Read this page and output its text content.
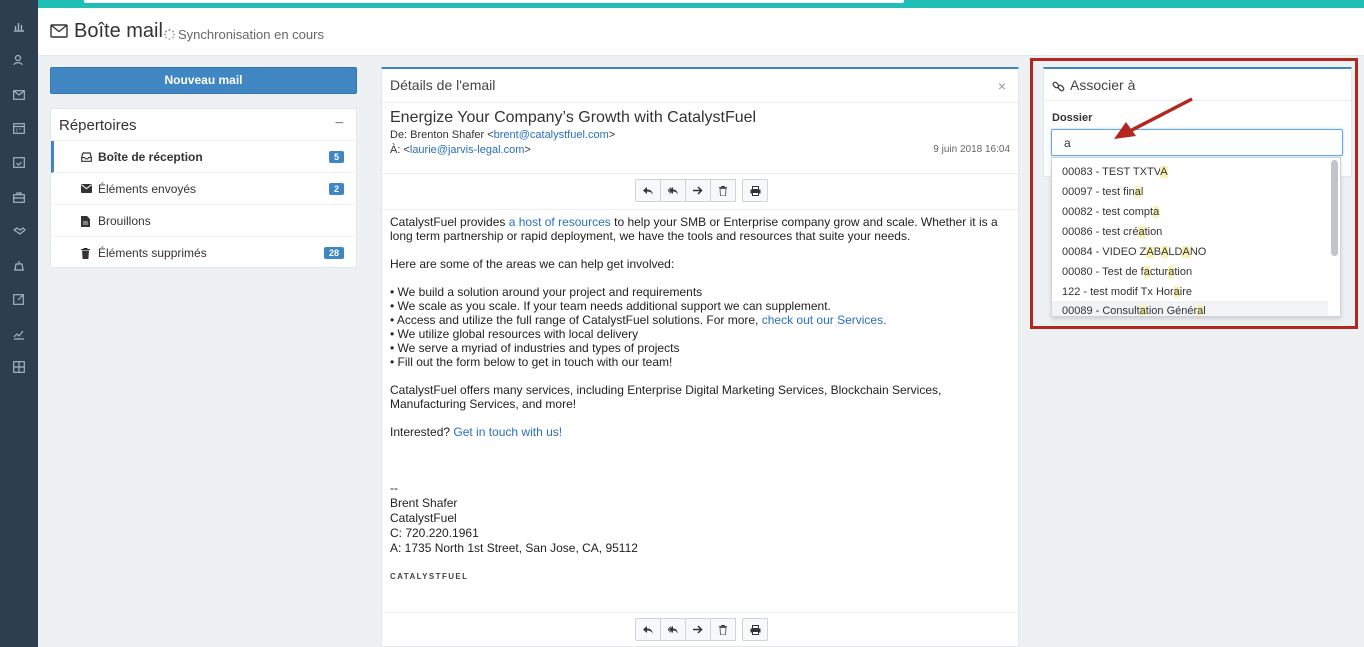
Boîte mail Synchronisation en cours
Nouveau mail
Répertoires	−
Boîte de réception	5
Éléments envoyés	2
Brouillons
Éléments supprimés	28
Détails de l'email	×
Energize Your Company’s Growth with CatalystFuel
De: Brenton Shafer <brent@catalystfuel.com>
À: <laurie@jarvis-legal.com>	9 juin 2018 16:04

CatalystFuel provides a host of resources to help your SMB or Enterprise company grow and scale. Whether it is a long term partnership or rapid deployment, we have the tools and resources that suite your needs.

Here are some of the areas we can help get involved:

• We build a solution around your project and requirements

• We scale as you scale. If your team needs additional support we can supplement.

• Access and utilize the full range of CatalystFuel solutions. For more, check out our Services.

• We utilize global resources with local delivery

• We serve a myriad of industries and types of projects

• Fill out the form below to get in touch with our team!

CatalystFuel offers many services, including Enterprise Digital Marketing Services, Blockchain Services, Manufacturing Services, and more!

Interested? Get in touch with us!

--

Brent Shafer

CatalystFuel

C: 720.220.1961

A: 1735 North 1st Street, San Jose, CA, 95112

CATALYSTFUEL
Associer à
Dossier
a
00083 - TEST TXTVA
00097 - test final
00082 - test compta
00086 - test création
00084 - VIDEO ZABALDANO
00080 - Test de facturation
122 - test modif Tx Horaire
00089 - Consultation Général
